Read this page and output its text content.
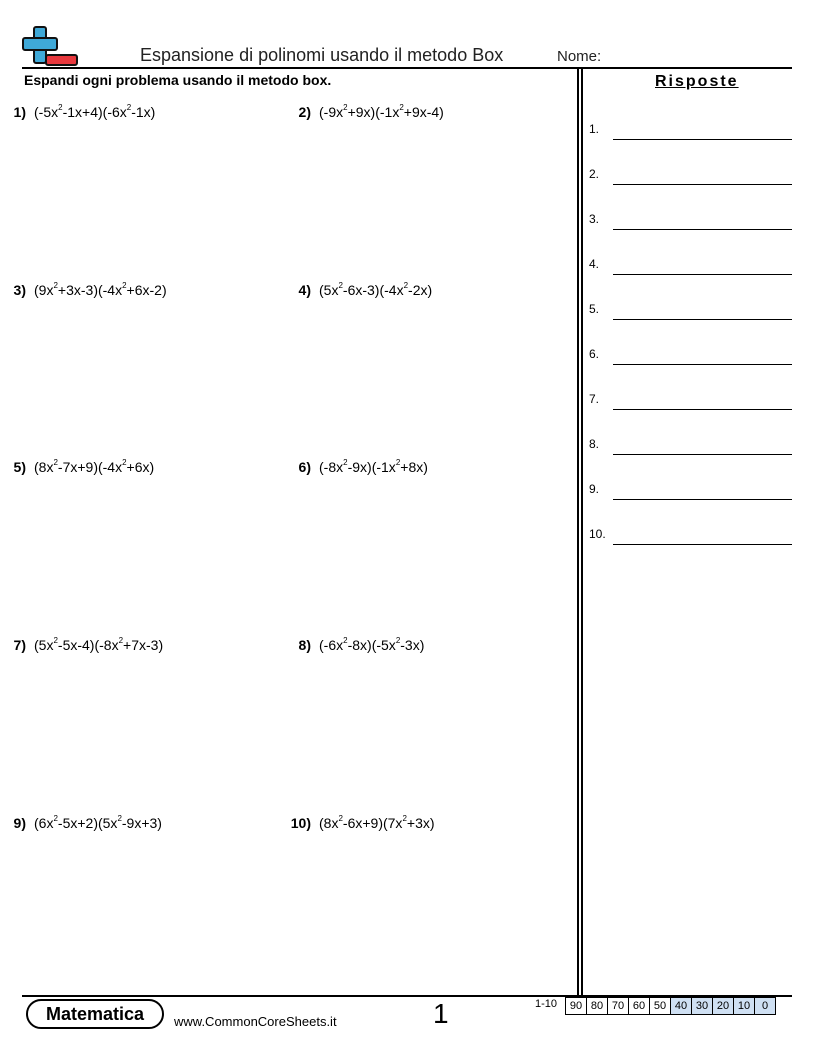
Espansione di polinomi usando il metodo Box	Nome:
Espandi ogni problema usando il metodo box.
1) $(-5x^2-1x+4)(-6x^2-1x)$	2) $(-9x^2+9x)(-1x^2+9x-4)$
3) $(9x^2+3x-3)(-4x^2+6x-2)$	4) $(5x^2-6x-3)(-4x^2-2x)$
5) $(8x^2-7x+9)(-4x^2+6x)$	6) $(-8x^2-9x)(-1x^2+8x)$
7) $(5x^2-5x-4)(-8x^2+7x-3)$	8) $(-6x^2-8x)(-5x^2-3x)$
9) $(6x^2-5x+2)(5x^2-9x+3)$	10) $(8x^2-6x+9)(7x^2+3x)$
Risposte
1.
2.
3.
4.
5.
6.
7.
8.
9.
10.
Matematica	www.CommonCoreSheets.it	1	1-10	90 80 70 60 50 40 30 20 10	0
